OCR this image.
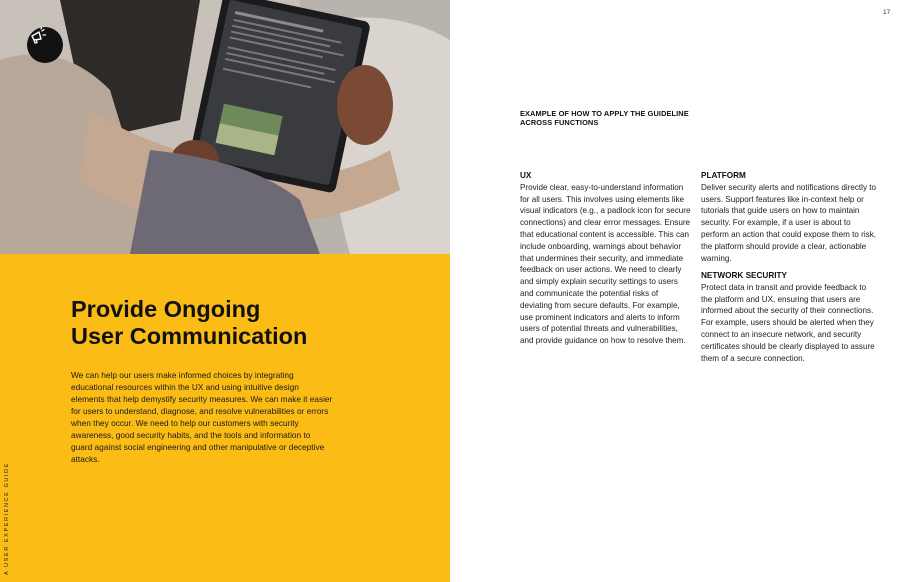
Provide Ongoing
User Communication
We can help our users make informed choices by integrating educational resources within the UX and using intuitive design elements that help demystify security measures. We can make it easier for users to understand, diagnose, and resolve vulnerabilities or errors when they occur. We need to help our customers with security awareness, good security habits, and the tools and information to guard against social engineering and other manipulative or deceptive attacks.
A USER EXPERIENCE GUIDE
17
EXAMPLE OF HOW TO APPLY THE GUIDELINE ACROSS FUNCTIONS
UX

Provide clear, easy-to-understand information for all users. This involves using elements like visual indicators (e.g., a padlock icon for secure connections) and clear error messages. Ensure that educational content is accessible. This can include onboarding, warnings about behavior that undermines their security, and immediate feedback on user actions. We need to clearly and simply explain security settings to users and communicate the potential risks of deviating from secure defaults. For example, use prominent indicators and alerts to inform users of potential threats and vulnerabilities, and provide guidance on how to resolve them.

PLATFORM

Deliver security alerts and notifications directly to users. Support features like in-context help or tutorials that guide users on how to maintain security. For example, if a user is about to perform an action that could expose them to risk, the platform should provide a clear, actionable warning.

NETWORK SECURITY

Protect data in transit and provide feedback to the platform and UX, ensuring that users are informed about the security of their connections. For example, users should be alerted when they connect to an insecure network, and security certificates should be clearly displayed to assure them of a secure connection.
